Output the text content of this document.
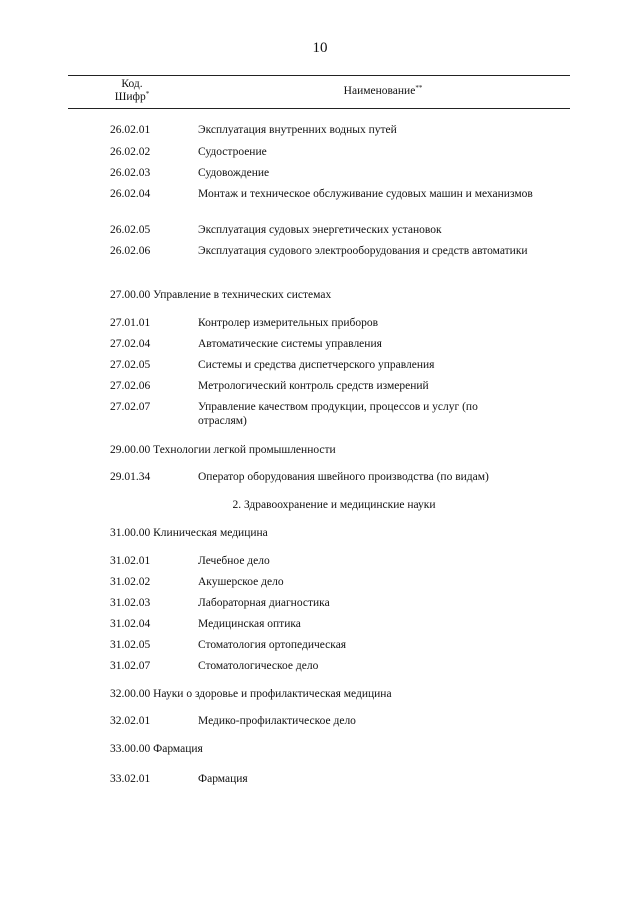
10
Код.
Шифр*	Наименование**
26.02.01	Эксплуатация внутренних водных путей
26.02.02	Судостроение
26.02.03	Судовождение
26.02.04	Монтаж и техническое обслуживание судовых машин и механизмов
26.02.05	Эксплуатация судовых энергетических установок
26.02.06	Эксплуатация судового электрооборудования и средств автоматики
27.00.00 Управление в технических системах
27.01.01	Контролер измерительных приборов
27.02.04	Автоматические системы управления
27.02.05	Системы и средства диспетчерского управления
27.02.06	Метрологический контроль средств измерений
27.02.07	Управление качеством продукции, процессов и услуг (по отраслям)
29.00.00 Технологии легкой промышленности
29.01.34	Оператор оборудования швейного производства (по видам)
2. Здравоохранение и медицинские науки
31.00.00 Клиническая медицина
31.02.01	Лечебное дело
31.02.02	Акушерское дело
31.02.03	Лабораторная диагностика
31.02.04	Медицинская оптика
31.02.05	Стоматология ортопедическая
31.02.07	Стоматологическое дело
32.00.00 Науки о здоровье и профилактическая медицина
32.02.01	Медико-профилактическое дело
33.00.00 Фармация
33.02.01	Фармация
